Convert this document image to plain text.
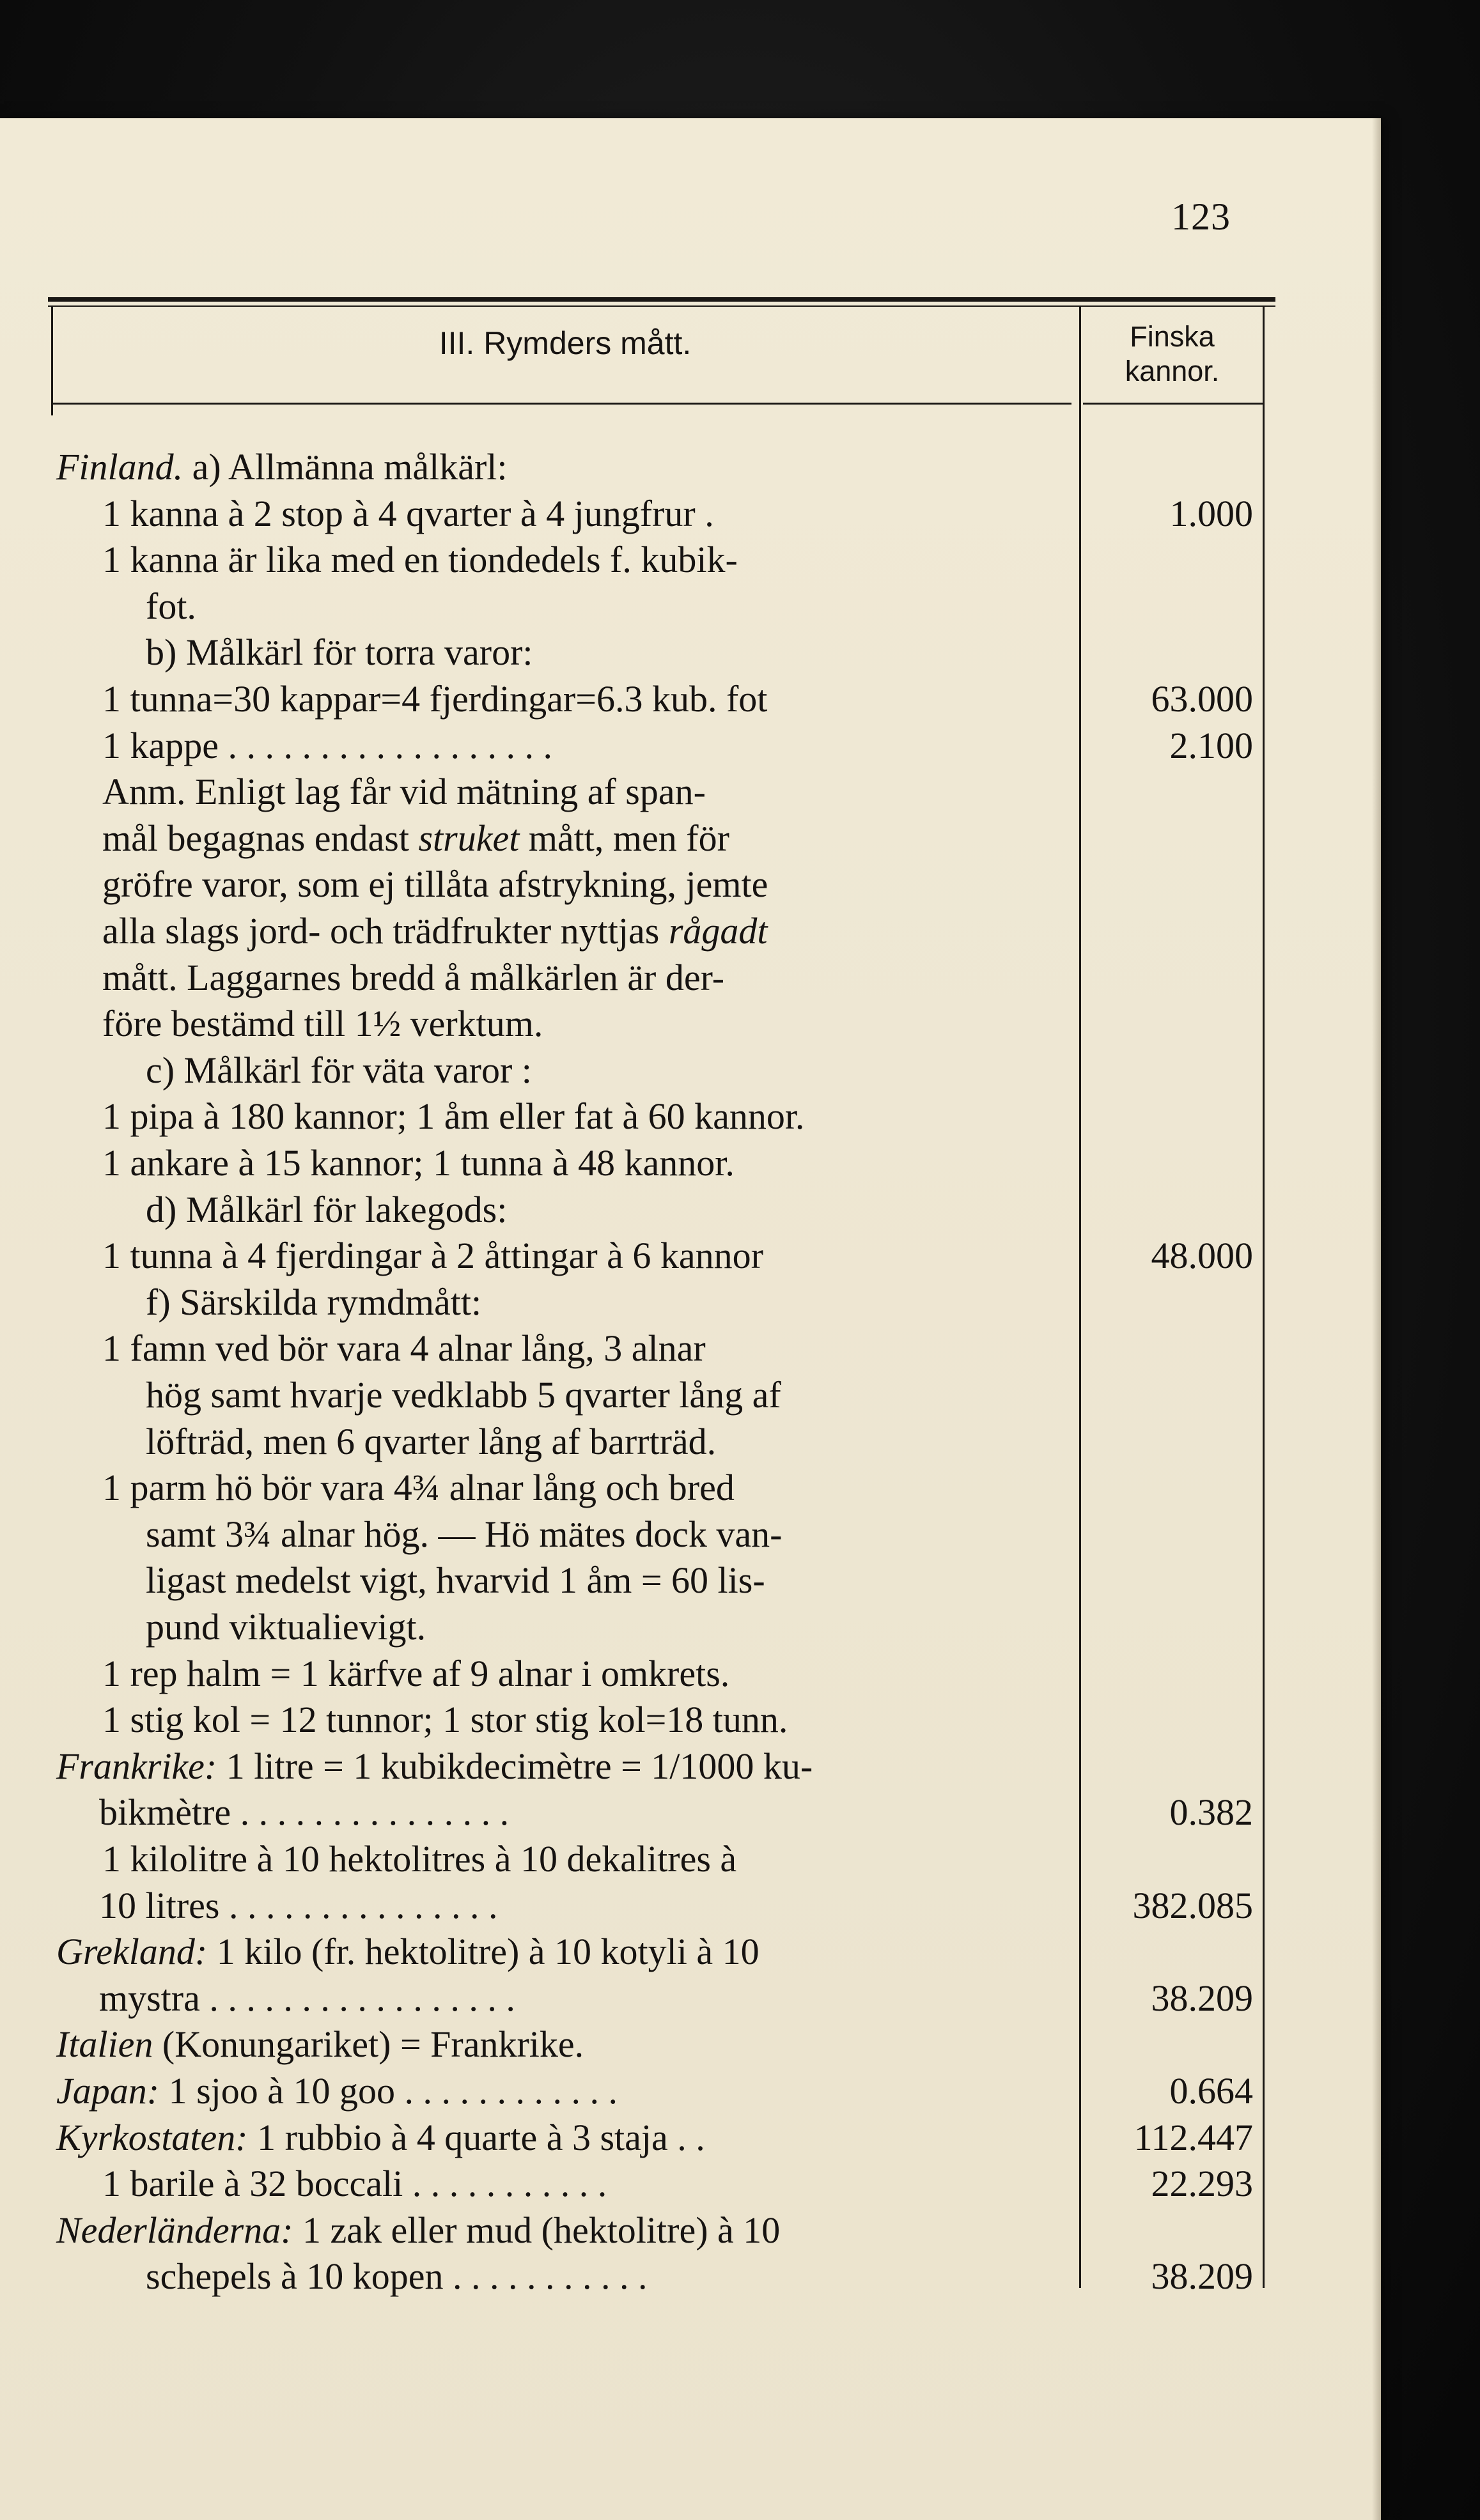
123
III. Rymders mått.	Finska
kannor.
Finland. a) Allmänna målkärl:
1 kanna à 2 stop à 4 qvarter à 4 jungfrur .	1.000
1 kanna är lika med en tiondedels f. kubik-
fot.
b) Målkärl för torra varor:
1 tunna=30 kappar=4 fjerdingar=6.3 kub. fot	63.000
1 kappe . . . . . . . . . . . . . . . . . .	2.100
Anm. Enligt lag får vid mätning af span-
mål begagnas endast struket mått, men för
gröfre varor, som ej tillåta afstrykning, jemte
alla slags jord- och trädfrukter nyttjas rågadt
mått. Laggarnes bredd å målkärlen är der-
före bestämd till 1½ verktum.
c) Målkärl för väta varor :
1 pipa à 180 kannor; 1 åm eller fat à 60 kannor.
1 ankare à 15 kannor; 1 tunna à 48 kannor.
d) Målkärl för lakegods:
1 tunna à 4 fjerdingar à 2 åttingar à 6 kannor	48.000
f) Särskilda rymdmått:
1 famn ved bör vara 4 alnar lång, 3 alnar
hög samt hvarje vedklabb 5 qvarter lång af
löfträd, men 6 qvarter lång af barrträd.
1 parm hö bör vara 4¾ alnar lång och bred
samt 3¾ alnar hög. — Hö mätes dock van-
ligast medelst vigt, hvarvid 1 åm = 60 lis-
pund viktualievigt.
1 rep halm = 1 kärfve af 9 alnar i omkrets.
1 stig kol = 12 tunnor; 1 stor stig kol=18 tunn.
Frankrike: 1 litre = 1 kubikdecimètre = 1/1000 ku-
bikmètre . . . . . . . . . . . . . . .	0.382
1 kilolitre à 10 hektolitres à 10 dekalitres à
10 litres . . . . . . . . . . . . . . .	382.085
Grekland: 1 kilo (fr. hektolitre) à 10 kotyli à 10
mystra . . . . . . . . . . . . . . . . .	38.209
Italien (Konungariket) = Frankrike.
Japan: 1 sjoo à 10 goo . . . . . . . . . . . .	0.664
Kyrkostaten: 1 rubbio à 4 quarte à 3 staja . .	112.447
1 barile à 32 boccali . . . . . . . . . . .	22.293
Nederländerna: 1 zak eller mud (hektolitre) à 10
schepels à 10 kopen . . . . . . . . . . .	38.209
